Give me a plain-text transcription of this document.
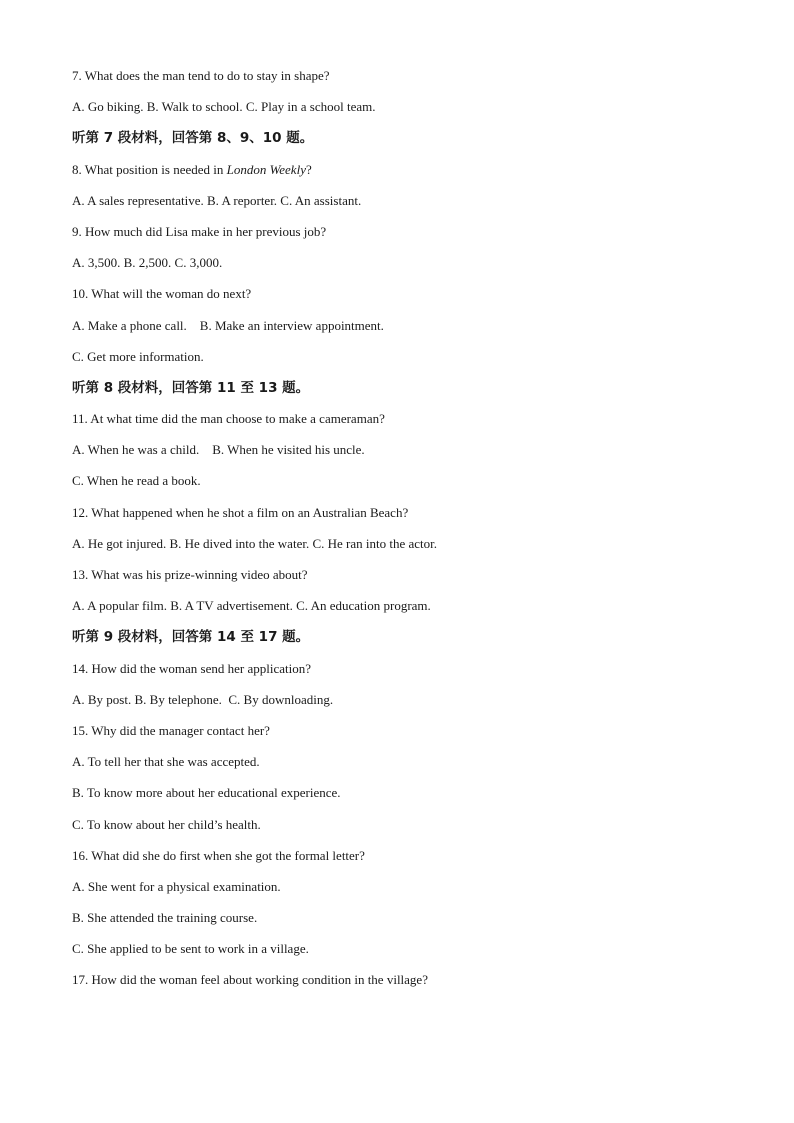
7. What does the man tend to do to stay in shape?
A. Go biking. B. Walk to school. C. Play in a school team.
听第 7 段材料，回答第 8、9、10 题。
8. What position is needed in London Weekly?
A. A sales representative. B. A reporter. C. An assistant.
9. How much did Lisa make in her previous job?
A. 3,500. B. 2,500. C. 3,000.
10. What will the woman do next?
A. Make a phone call.    B. Make an interview appointment.
C. Get more information.
听第 8 段材料，回答第 11 至 13 题。
11. At what time did the man choose to make a cameraman?
A. When he was a child.    B. When he visited his uncle.
C. When he read a book.
12. What happened when he shot a film on an Australian Beach?
A. He got injured. B. He dived into the water. C. He ran into the actor.
13. What was his prize-winning video about?
A. A popular film. B. A TV advertisement. C. An education program.
听第 9 段材料，回答第 14 至 17 题。
14. How did the woman send her application?
A. By post. B. By telephone.  C. By downloading.
15. Why did the manager contact her?
A. To tell her that she was accepted.
B. To know more about her educational experience.
C. To know about her child’s health.
16. What did she do first when she got the formal letter?
A. She went for a physical examination.
B. She attended the training course.
C. She applied to be sent to work in a village.
17. How did the woman feel about working condition in the village?
